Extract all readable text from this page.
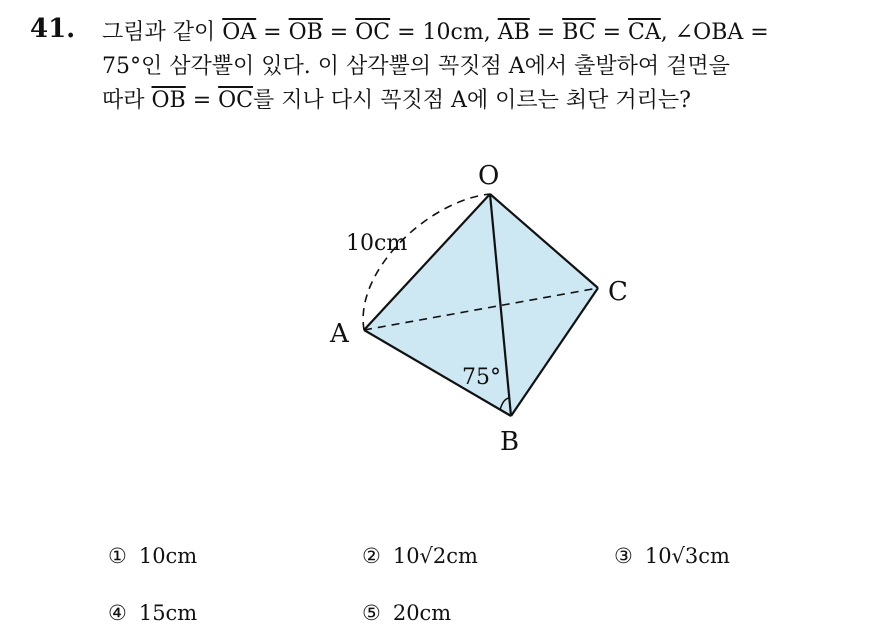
41. 그림과 같이 $\overline{OA} = \overline{OB} = \overline{OC} = 10cm$, $\overline{AB} = \overline{BC} = \overline{CA}$, ∠OBA =
75°인 삼각뿔이 있다. 이 삼각뿔의 꼭짓점 A에서 출발하여 겉면을
따라 $\overline{OB} = \overline{OC}$를 지나 다시 꼭짓점 A에 이르는 최단 거리는?
O
A
B
C
10cm
75°
① 10cm	② 10√2cm	③ 10√3cm
④ 15cm	⑤ 20cm
